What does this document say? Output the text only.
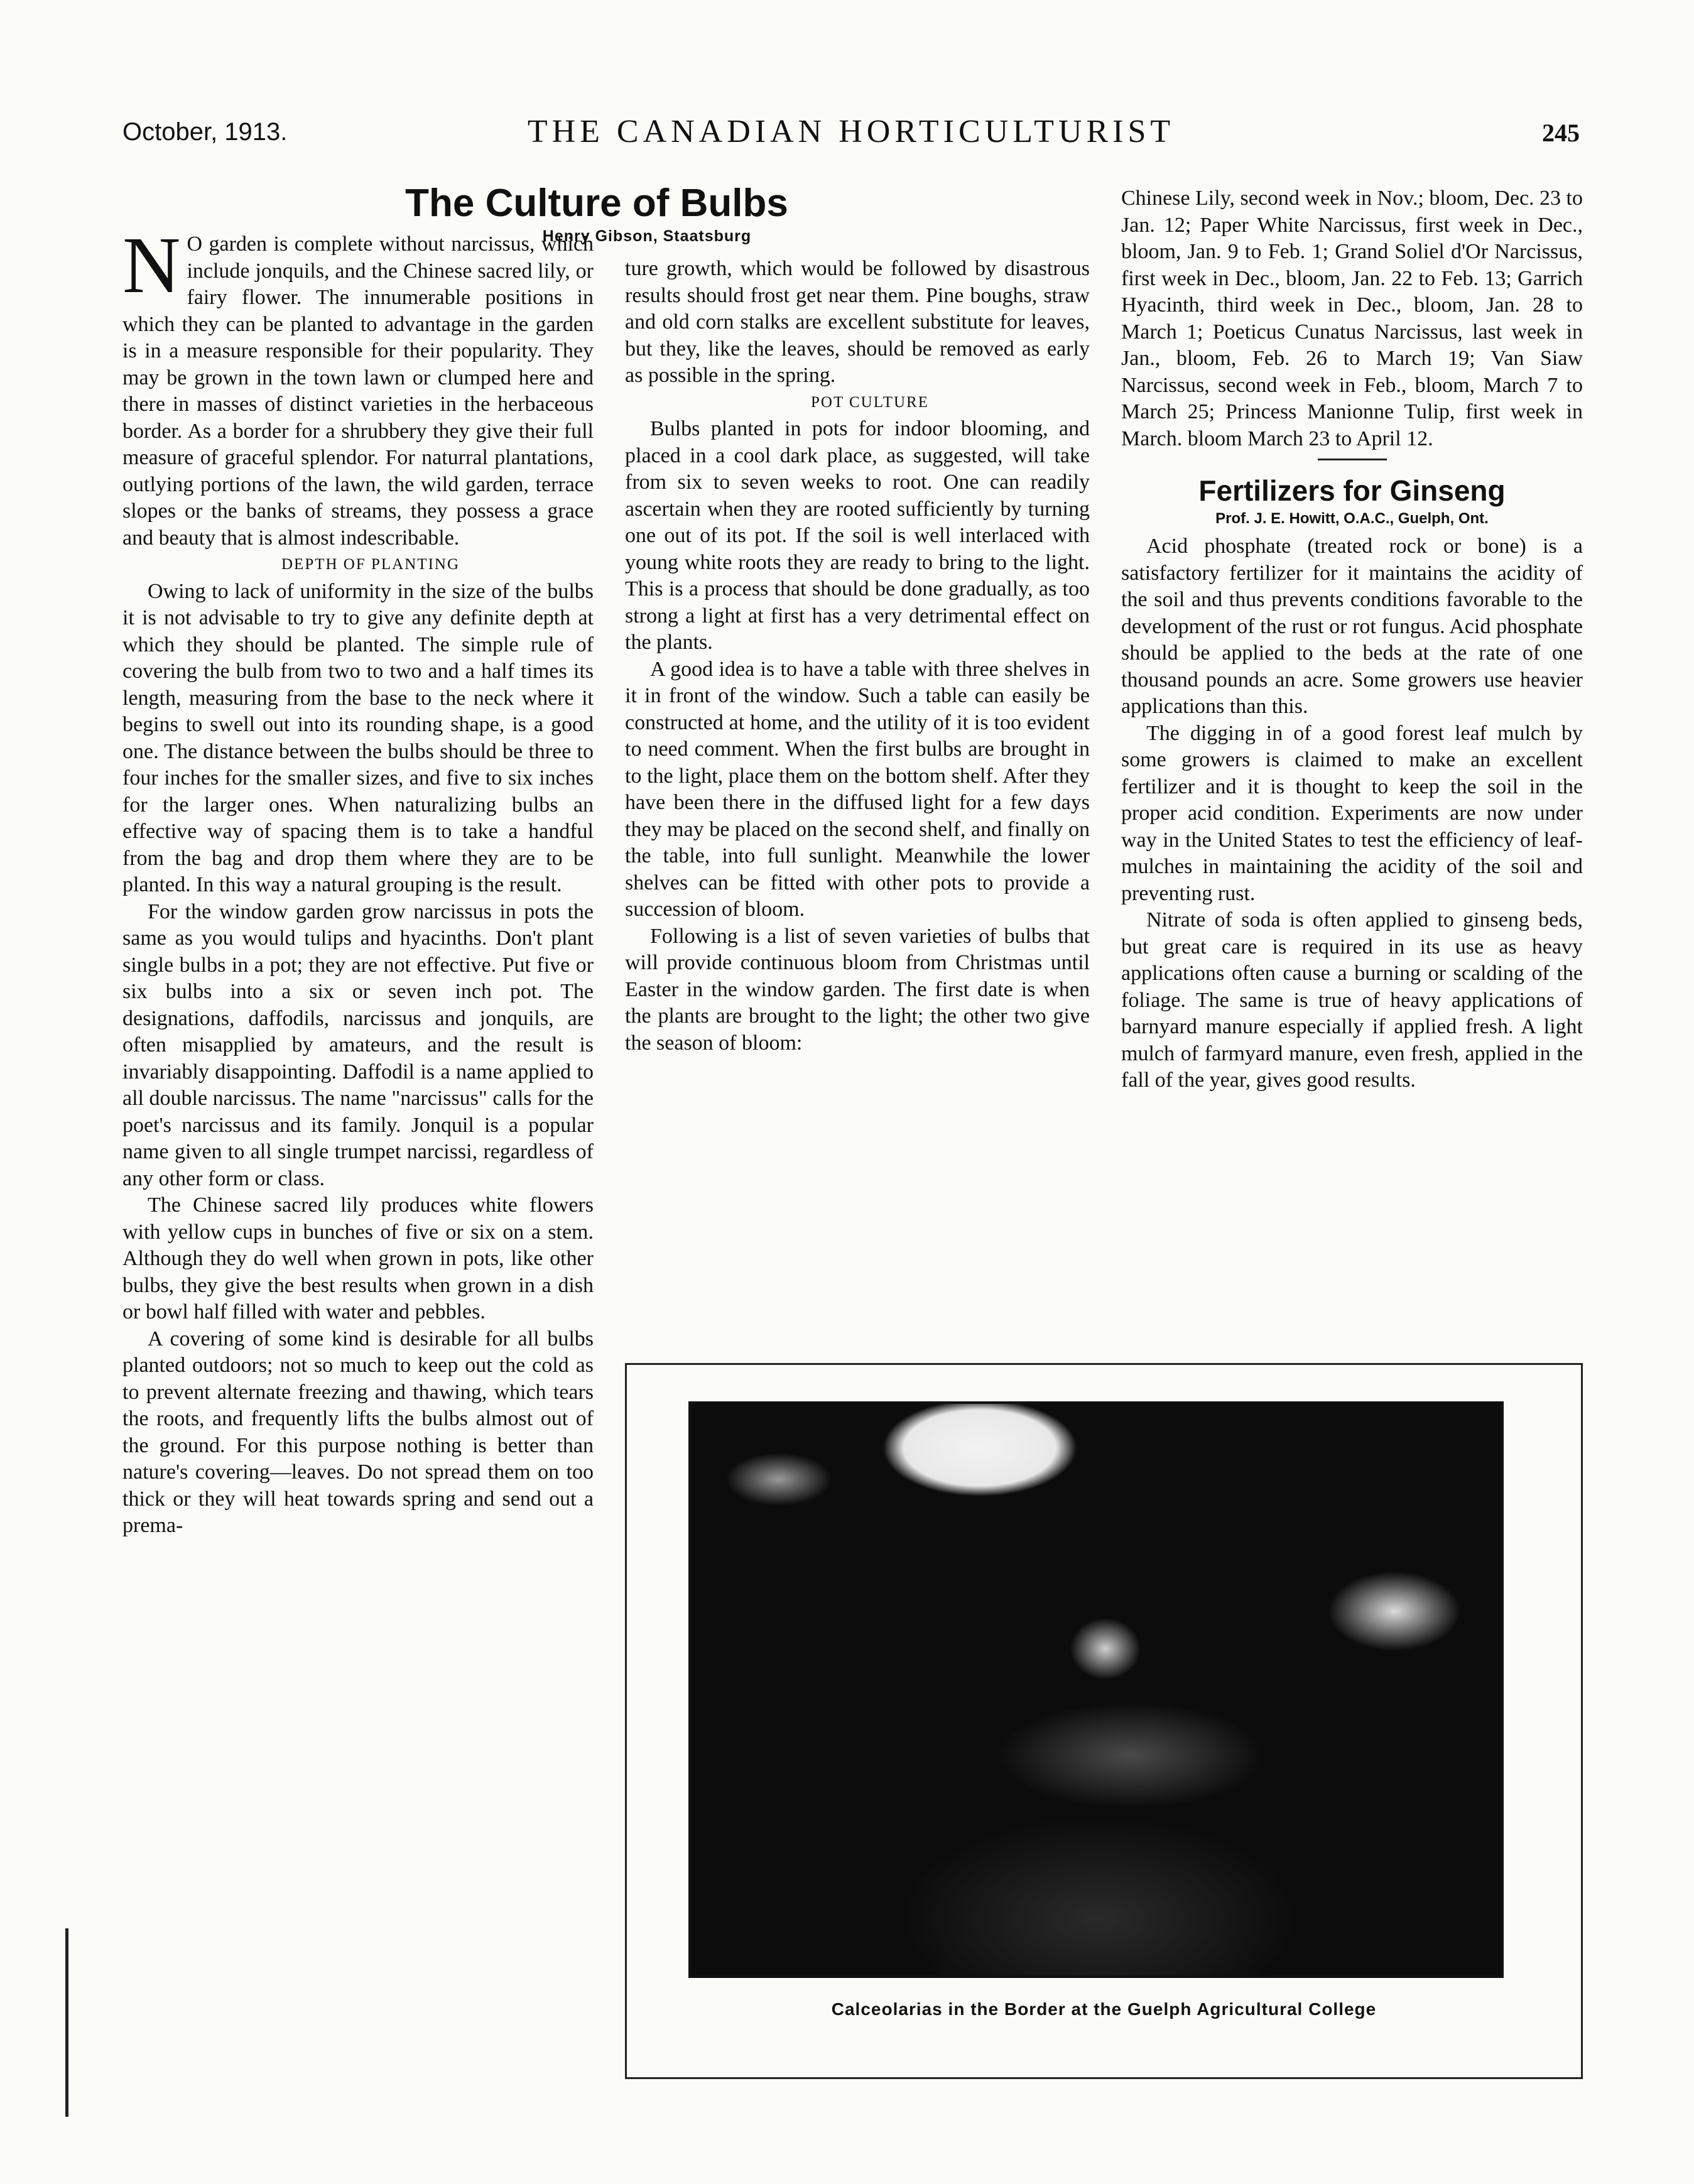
October, 1913.	THE CANADIAN HORTICULTURIST	245
The Culture of Bulbs
Henry Gibson, Staatsburg

N O garden is complete without narcissus, which include jonquils, and the Chinese sacred lily, or fairy flower. The innumerable positions in which they can be planted to advantage in the garden is in a measure responsible for their popularity. They may be grown in the town lawn or clumped here and there in masses of distinct varieties in the herbaceous border. As a border for a shrubbery they give their full measure of graceful splendor. For naturral plantations, outlying portions of the lawn, the wild garden, terrace slopes or the banks of streams, they possess a grace and beauty that is almost indescribable.

DEPTH OF PLANTING

Owing to lack of uniformity in the size of the bulbs it is not advisable to try to give any definite depth at which they should be planted. The simple rule of covering the bulb from two to two and a half times its length, measuring from the base to the neck where it begins to swell out into its rounding shape, is a good one. The distance between the bulbs should be three to four inches for the smaller sizes, and five to six inches for the larger ones. When naturalizing bulbs an effective way of spacing them is to take a handful from the bag and drop them where they are to be planted. In this way a natural grouping is the result.

For the window garden grow narcissus in pots the same as you would tulips and hyacinths. Don't plant single bulbs in a pot; they are not effective. Put five or six bulbs into a six or seven inch pot. The designations, daffodils, narcissus and jonquils, are often misapplied by amateurs, and the result is invariably disappointing. Daffodil is a name applied to all double narcissus. The name "narcissus" calls for the poet's narcissus and its family. Jonquil is a popular name given to all single trumpet narcissi, regardless of any other form or class.

The Chinese sacred lily produces white flowers with yellow cups in bunches of five or six on a stem. Although they do well when grown in pots, like other bulbs, they give the best results when grown in a dish or bowl half filled with water and pebbles.

A covering of some kind is desirable for all bulbs planted outdoors; not so much to keep out the cold as to prevent alternate freezing and thawing, which tears the roots, and frequently lifts the bulbs almost out of the ground. For this purpose nothing is better than nature's covering—leaves. Do not spread them on too thick or they will heat towards spring and send out a prema-

ture growth, which would be followed by disastrous results should frost get near them. Pine boughs, straw and old corn stalks are excellent substitute for leaves, but they, like the leaves, should be removed as early as possible in the spring.

POT CULTURE

Bulbs planted in pots for indoor blooming, and placed in a cool dark place, as suggested, will take from six to seven weeks to root. One can readily ascertain when they are rooted sufficiently by turning one out of its pot. If the soil is well interlaced with young white roots they are ready to bring to the light. This is a process that should be done gradually, as too strong a light at first has a very detrimental effect on the plants.

A good idea is to have a table with three shelves in it in front of the window. Such a table can easily be constructed at home, and the utility of it is too evident to need comment. When the first bulbs are brought in to the light, place them on the bottom shelf. After they have been there in the diffused light for a few days they may be placed on the second shelf, and finally on the table, into full sunlight. Meanwhile the lower shelves can be fitted with other pots to provide a succession of bloom.

Following is a list of seven varieties of bulbs that will provide continuous bloom from Christmas until Easter in the window garden. The first date is when the plants are brought to the light; the other two give the season of bloom:

Chinese Lily, second week in Nov.; bloom, Dec. 23 to Jan. 12; Paper White Narcissus, first week in Dec., bloom, Jan. 9 to Feb. 1; Grand Soliel d'Or Narcissus, first week in Dec., bloom, Jan. 22 to Feb. 13; Garrich Hyacinth, third week in Dec., bloom, Jan. 28 to March 1; Poeticus Cunatus Narcissus, last week in Jan., bloom, Feb. 26 to March 19; Van Siaw Narcissus, second week in Feb., bloom, March 7 to March 25; Princess Manionne Tulip, first week in March. bloom March 23 to April 12.

Fertilizers for Ginseng
Prof. J. E. Howitt, O.A.C., Guelph, Ont.

Acid phosphate (treated rock or bone) is a satisfactory fertilizer for it maintains the acidity of the soil and thus prevents conditions favorable to the development of the rust or rot fungus. Acid phosphate should be applied to the beds at the rate of one thousand pounds an acre. Some growers use heavier applications than this.

The digging in of a good forest leaf mulch by some growers is claimed to make an excellent fertilizer and it is thought to keep the soil in the proper acid condition. Experiments are now under way in the United States to test the efficiency of leaf-mulches in maintaining the acidity of the soil and preventing rust.

Nitrate of soda is often applied to ginseng beds, but great care is required in its use as heavy applications often cause a burning or scalding of the foliage. The same is true of heavy applications of barnyard manure especially if applied fresh. A light mulch of farmyard manure, even fresh, applied in the fall of the year, gives good results.

Calceolarias in the Border at the Guelph Agricultural College
